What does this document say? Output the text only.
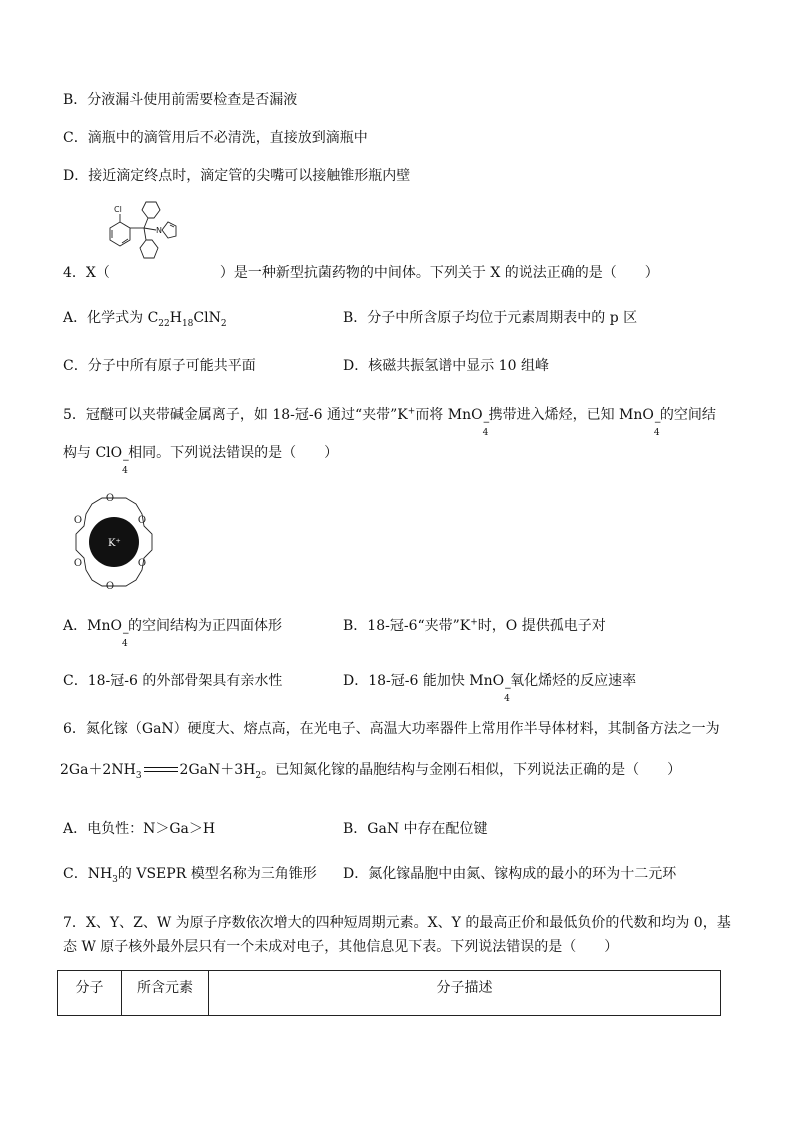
B．分液漏斗使用前需要检查是否漏液
C．滴瓶中的滴管用后不必清洗，直接放到滴瓶中
D．接近滴定终点时，滴定管的尖嘴可以接触锥形瓶内壁
Cl
N
4．X（	）是一种新型抗菌药物的中间体。下列关于 X 的说法正确的是（　　）
A．化学式为 $C_{22}H_{18}ClN_2$	B．分子中所含原子均位于元素周期表中的 p 区
C．分子中所有原子可能共平面	D．核磁共振氢谱中显示 10 组峰
5．冠醚可以夹带碱金属离子，如 18-冠-6 通过“夹带”K+而将 MnO −
4
携带进入烯烃，已知 MnO −
4
的空间结
构与 ClO −
4
相同。下列说法错误的是（　　）
K⁺
O
O
O
O
O
O
A．MnO −
4
的空间结构为正四面体形	B．18-冠-6“夹带”K+时，O 提供孤电子对
C．18-冠-6 的外部骨架具有亲水性	D．18-冠-6 能加快 MnO −
4
氧化烯烃的反应速率
6．氮化镓（GaN）硬度大、熔点高，在光电子、高温大功率器件上常用作半导体材料，其制备方法之一为
$2Ga+2NH_3$	$2GaN+3H_2$。已知氮化镓的晶胞结构与金刚石相似，下列说法正确的是（　　）
A．电负性：N＞Ga＞H	B．GaN 中存在配位键
C．$NH_3$的 VSEPR 模型名称为三角锥形 D．氮化镓晶胞中由氮、镓构成的最小的环为十二元环
7．X、Y、Z、W 为原子序数依次增大的四种短周期元素。X、Y 的最高正价和最低负价的代数和均为 0，基
态 W 原子核外最外层只有一个未成对电子，其他信息见下表。下列说法错误的是（　　）
分子	所含元素	分子描述
